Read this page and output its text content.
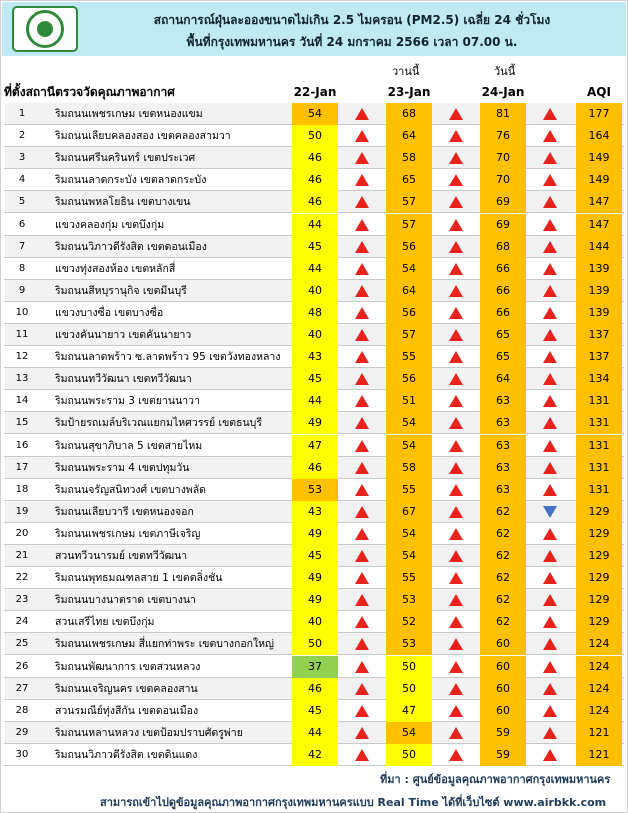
สถานการณ์ฝุ่นละอองขนาดไม่เกิน 2.5 ไมครอน (PM2.5) เฉลี่ย 24 ชั่วโมง
พื้นที่กรุงเทพมหานคร วันที่ 24 มกราคม 2566 เวลา 07.00 น.
วานนี้	วันนี้
ที่ตั้งสถานีตรวจวัดคุณภาพอากาศ	22-Jan	23-Jan	24-Jan	AQI
1	ริมถนนเพชรเกษม เขตหนองแขม	54	68	81	177
2	ริมถนนเลียบคลองสอง เขตคลองสามวา	50	64	76	164
3	ริมถนนศรีนครินทร์ เขตประเวศ	46	58	70	149
4	ริมถนนลาดกระบัง เขตลาดกระบัง	46	65	70	149
5	ริมถนนพหลโยธิน เขตบางเขน	46	57	69	147
6	แขวงคลองกุ่ม เขตบึงกุ่ม	44	57	69	147
7	ริมถนนวิภาวดีรังสิต เขตดอนเมือง	45	56	68	144
8	แขวงทุ่งสองห้อง เขตหลักสี่	44	54	66	139
9	ริมถนนสีหบุรานุกิจ เขตมีนบุรี	40	64	66	139
10	แขวงบางซื่อ เขตบางซื่อ	48	56	66	139
11	แขวงคันนายาว เขตคันนายาว	40	57	65	137
12	ริมถนนลาดพร้าว ซ.ลาดพร้าว 95 เขตวังทองหลาง	43	55	65	137
13	ริมถนนทวีวัฒนา เขตทวีวัฒนา	45	56	64	134
14	ริมถนนพระราม 3 เขตยานนาวา	44	51	63	131
15	ริมป้ายรถเมล์บริเวณแยกมไหศวรรย์ เขตธนบุรี	49	54	63	131
16	ริมถนนสุขาภิบาล 5 เขตสายไหม	47	54	63	131
17	ริมถนนพระราม 4 เขตปทุมวัน	46	58	63	131
18	ริมถนนจรัญสนิทวงศ์ เขตบางพลัด	53	55	63	131
19	ริมถนนเลียบวารี เขตหนองจอก	43	67	62	129
20	ริมถนนเพชรเกษม เขตภาษีเจริญ	49	54	62	129
21	สวนทวีวนารมย์ เขตทวีวัฒนา	45	54	62	129
22	ริมถนนพุทธมณฑลสาย 1 เขตตลิ่งชัน	49	55	62	129
23	ริมถนนบางนาตราด เขตบางนา	49	53	62	129
24	สวนเสรีไทย เขตบึงกุ่ม	40	52	62	129
25	ริมถนนเพชรเกษม สี่แยกท่าพระ เขตบางกอกใหญ่	50	53	60	124
26	ริมถนนพัฒนาการ เขตสวนหลวง	37	50	60	124
27	ริมถนนเจริญนคร เขตคลองสาน	46	50	60	124
28	สวนรมณีย์ทุ่งสีกัน เขตดอนเมือง	45	47	60	124
29	ริมถนนหลานหลวง เขตป้อมปราบศัตรูพ่าย	44	54	59	121
30	ริมถนนวิภาวดีรังสิต เขตดินแดง	42	50	59	121
ที่มา : ศูนย์ข้อมูลคุณภาพอากาศกรุงเทพมหานคร
สามารถเข้าไปดูข้อมูลคุณภาพอากาศกรุงเทพมหานครแบบ Real Time ได้ที่เว็บไซต์ www.airbkk.com
